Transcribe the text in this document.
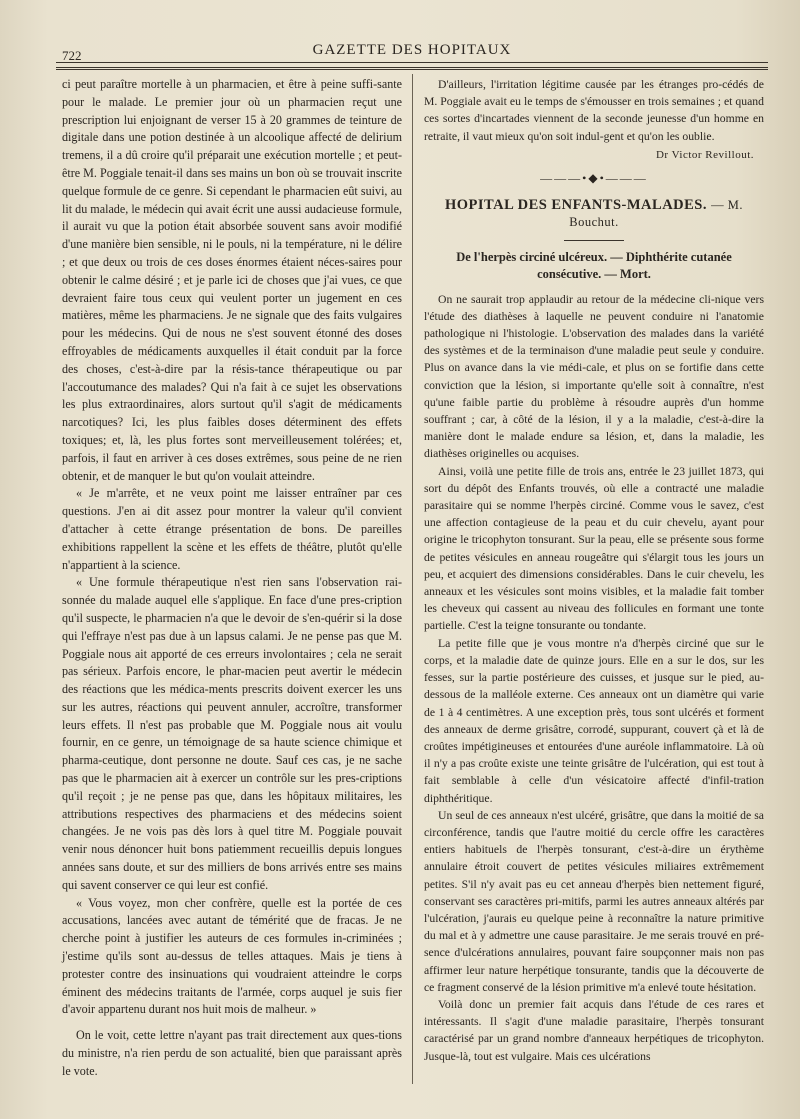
722	GAZETTE DES HOPITAUX

ci peut paraître mortelle à un pharmacien, et être à peine suffi-sante pour le malade. Le premier jour où un pharmacien reçut une prescription lui enjoignant de verser 15 à 20 grammes de teinture de digitale dans une potion destinée à un alcoolique affecté de delirium tremens, il a dû croire qu'il préparait une exécution mortelle ; et peut-être M. Poggiale tenait-il dans ses mains un bon où se trouvait inscrite quelque formule de ce genre. Si cependant le pharmacien eût suivi, au lit du malade, le médecin qui avait écrit une aussi audacieuse formule, il aurait vu que la potion était absorbée souvent sans avoir modifié d'une manière bien sensible, ni le pouls, ni la température, ni le délire ; et que deux ou trois de ces doses énormes étaient néces-saires pour obtenir le calme désiré ; et je parle ici de choses que j'ai vues, ce que devraient faire tous ceux qui veulent porter un jugement en ces matières, même les pharmaciens. Je ne signale que des faits vulgaires pour les médecins. Qui de nous ne s'est souvent étonné des doses effroyables de médicaments auxquelles il était conduit par la force des choses, c'est-à-dire par la résis-tance thérapeutique ou par l'accoutumance des malades? Qui n'a fait à ce sujet les observations les plus extraordinaires, alors surtout qu'il s'agit de médicaments narcotiques? Ici, les plus faibles doses déterminent des effets toxiques; et, là, les plus fortes sont merveilleusement tolérées; et, parfois, il faut en arriver à ces doses extrêmes, sous peine de ne rien obtenir, et de manquer le but qu'on voulait atteindre.

« Je m'arrête, et ne veux point me laisser entraîner par ces questions. J'en ai dit assez pour montrer la valeur qu'il convient d'attacher à cette étrange présentation de bons. De pareilles exhibitions rappellent la scène et les effets de théâtre, plutôt qu'elle n'appartient à la science.

« Une formule thérapeutique n'est rien sans l'observation rai-sonnée du malade auquel elle s'applique. En face d'une pres-cription qu'il suspecte, le pharmacien n'a que le devoir de s'en-quérir si la dose qui l'effraye n'est pas due à un lapsus calami. Je ne pense pas que M. Poggiale nous ait apporté de ces erreurs involontaires ; cela ne serait pas sérieux. Parfois encore, le phar-macien peut avertir le médecin des réactions que les médica-ments prescrits doivent exercer les uns sur les autres, réactions qui peuvent annuler, accroître, transformer leurs effets. Il n'est pas probable que M. Poggiale nous ait voulu fournir, en ce genre, un témoignage de sa haute science chimique et pharma-ceutique, dont personne ne doute. Sauf ces cas, je ne sache pas que le pharmacien ait à exercer un contrôle sur les pres-criptions qu'il reçoit ; je ne pense pas que, dans les hôpitaux militaires, les attributions respectives des pharmaciens et des médecins soient changées. Je ne vois pas dès lors à quel titre M. Poggiale pouvait venir nous dénoncer huit bons patiemment recueillis depuis longues années sans doute, et sur des milliers de bons arrivés entre ses mains qui savent conserver ce qui leur est confié.

« Vous voyez, mon cher confrère, quelle est la portée de ces accusations, lancées avec autant de témérité que de fracas. Je ne cherche point à justifier les auteurs de ces formules in-criminées ; j'estime qu'ils sont au-dessus de telles attaques. Mais je tiens à protester contre des insinuations qui voudraient atteindre le corps éminent des médecins traitants de l'armée, corps auquel je suis fier d'avoir appartenu durant nos huit mois de malheur. »

On le voit, cette lettre n'ayant pas trait directement aux ques-tions du ministre, n'a rien perdu de son actualité, bien que paraissant après le vote.

D'ailleurs, l'irritation légitime causée par les étranges pro-cédés de M. Poggiale avait eu le temps de s'émousser en trois semaines ; et quand ces sortes d'incartades viennent de la seconde jeunesse d'un homme en retraite, il vaut mieux qu'on soit indul-gent et qu'on les oublie.

Dr Victor Revillout.
———•◆•———
HOPITAL DES ENFANTS-MALADES. — M. Bouchut.
De l'herpès circiné ulcéreux. — Diphthérite cutanée consécutive. — Mort.

On ne saurait trop applaudir au retour de la médecine cli-nique vers l'étude des diathèses à laquelle ne peuvent conduire ni l'anatomie pathologique ni l'histologie. L'observation des malades dans la variété des systèmes et de la terminaison d'une maladie peut seule y conduire. Plus on avance dans la vie médi-cale, et plus on se fortifie dans cette conviction que la lésion, si importante qu'elle soit à connaître, n'est qu'une faible partie du problème à résoudre auprès d'un homme souffrant ; car, à côté de la lésion, il y a la maladie, c'est-à-dire la manière dont le malade endure sa lésion, et, dans la maladie, les diathèses originelles ou acquises.

Ainsi, voilà une petite fille de trois ans, entrée le 23 juillet 1873, qui sort du dépôt des Enfants trouvés, où elle a contracté une maladie parasitaire qui se nomme l'herpès circiné. Comme vous le savez, c'est une affection contagieuse de la peau et du cuir chevelu, ayant pour origine le tricophyton tonsurant. Sur la peau, elle se présente sous forme de petites vésicules en anneau rougeâtre qui s'élargit tous les jours un peu, et acquiert des dimensions considérables. Dans le cuir chevelu, les anneaux et les vésicules sont moins visibles, et la maladie fait tomber les cheveux qui cassent au niveau des follicules en formant une tonte partielle. C'est la teigne tonsurante ou tondante.

La petite fille que je vous montre n'a d'herpès circiné que sur le corps, et la maladie date de quinze jours. Elle en a sur le dos, sur les fesses, sur la partie postérieure des cuisses, et jusque sur le pied, au-dessous de la malléole externe. Ces anneaux ont un diamètre qui varie de 1 à 4 centimètres. A une exception près, tous sont ulcérés et forment des anneaux de derme grisâtre, corrodé, suppurant, couvert çà et là de croûtes impétigineuses et entourées d'une auréole inflammatoire. Là où il n'y a pas croûte existe une teinte grisâtre de l'ulcération, qui est tout à fait semblable à celle d'un vésicatoire affecté d'infil-tration diphthéritique.

Un seul de ces anneaux n'est ulcéré, grisâtre, que dans la moitié de sa circonférence, tandis que l'autre moitié du cercle offre les caractères entiers habituels de l'herpès tonsurant, c'est-à-dire un érythème annulaire étroit couvert de petites vésicules miliaires extrêmement petites. S'il n'y avait pas eu cet anneau d'herpès bien nettement figuré, conservant ses caractères pri-mitifs, parmi les autres anneaux altérés par l'ulcération, j'aurais eu quelque peine à reconnaître la nature primitive du mal et à y admettre une cause parasitaire. Je me serais trouvé en pré-sence d'ulcérations annulaires, pouvant faire soupçonner mais non pas affirmer leur nature herpétique tonsurante, tandis que la découverte de ce fragment conservé de la lésion primitive m'a enlevé toute hésitation.

Voilà donc un premier fait acquis dans l'étude de ces rares et intéressants. Il s'agit d'une maladie parasitaire, l'herpès tonsurant caractérisé par un grand nombre d'anneaux herpétiques de tricophyton. Jusque-là, tout est vulgaire. Mais ces ulcérations
